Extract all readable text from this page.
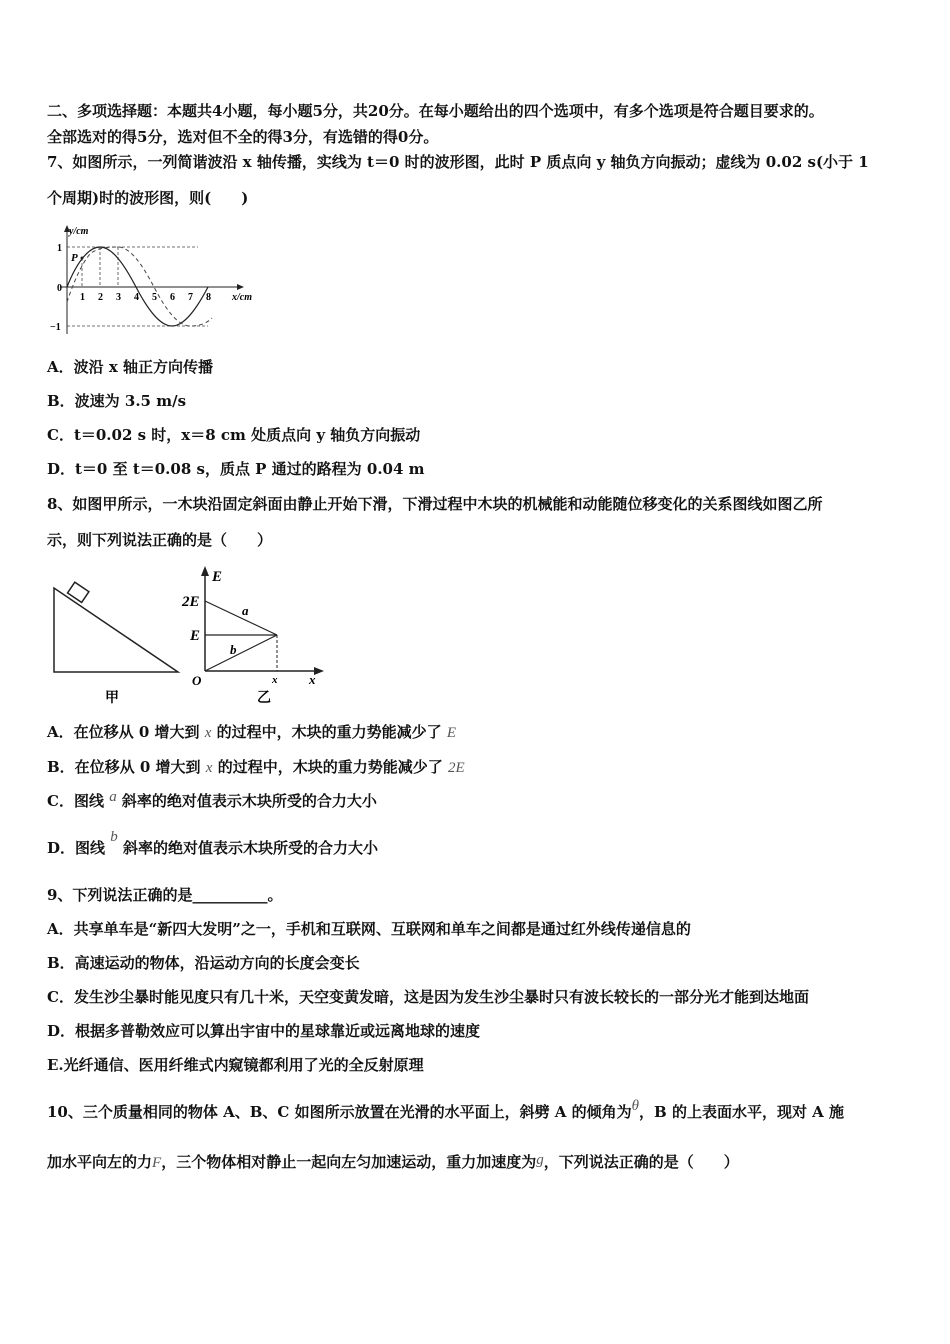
二、多项选择题：本题共4小题，每小题5分，共20分。在每小题给出的四个选项中，有多个选项是符合题目要求的。
全部选对的得5分，选对但不全的得3分，有选错的得0分。
7、如图所示，一列简谐波沿 x 轴传播，实线为 t＝0 时的波形图，此时 P 质点向 y 轴负方向振动；虚线为 0.02 s(小于 1
个周期)时的波形图，则(　　)
y/cm
x/cm
1
0
−1
P
1 2 3 4 5 6 7 8
A．波沿 x 轴正方向传播
B．波速为 3.5 m/s
C．t＝0.02 s 时，x＝8 cm 处质点向 y 轴负方向振动
D．t＝0 至 t＝0.08 s，质点 P 通过的路程为 0.04 m
8、如图甲所示，一木块沿固定斜面由静止开始下滑，下滑过程中木块的机械能和动能随位移变化的关系图线如图乙所
示，则下列说法正确的是（　　）
甲
E
2E
E
O	x x
a
b
乙
A．在位移从 0 增大到 x 的过程中，木块的重力势能减少了 E
B．在位移从 0 增大到 x 的过程中，木块的重力势能减少了 2E
C．图线 a 斜率的绝对值表示木块所受的合力大小
D．图线 b 斜率的绝对值表示木块所受的合力大小
9、下列说法正确的是__________。
A．共享单车是“新四大发明”之一，手机和互联网、互联网和单车之间都是通过红外线传递信息的
B．高速运动的物体，沿运动方向的长度会变长
C．发生沙尘暴时能见度只有几十米，天空变黄发暗，这是因为发生沙尘暴时只有波长较长的一部分光才能到达地面
D．根据多普勒效应可以算出宇宙中的星球靠近或远离地球的速度
E.光纤通信、医用纤维式内窥镜都利用了光的全反射原理
10、三个质量相同的物体 A、B、C 如图所示放置在光滑的水平面上，斜劈 A 的倾角为θ，B 的上表面水平，现对 A 施
加水平向左的力F，三个物体相对静止一起向左匀加速运动，重力加速度为g，下列说法正确的是（　　）
